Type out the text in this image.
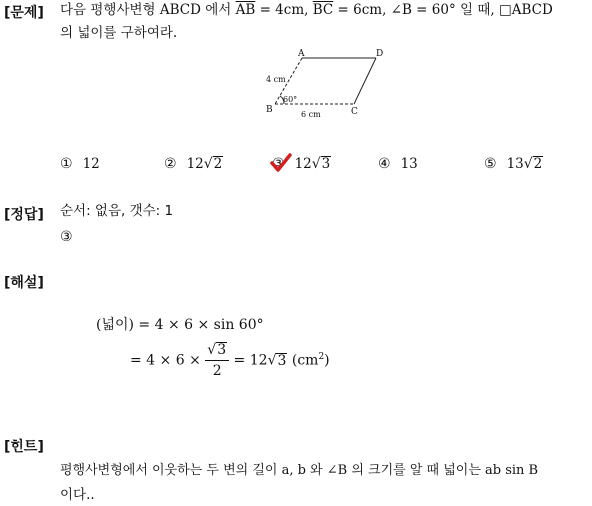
[문제] 다음 평행사변형 ABCD 에서 $\overline{AB} = 4cm$, $\overline{BC} = 6cm$, ∠B = 60° 일 때, □ABCD
의 넓이를 구하여라.
A	D
B	C
4 cm
6 cm
60°
① 12	② 12√2	③ 12√3	④ 13	⑤ 13√2
[정답] 순서: 없음, 갯수: 1
③
[해설]
(넓이) = 4 × 6 × sin 60°
= $4 \times 6 \times \frac{√3}{2} = 12√3$ $(cm^2)$
[힌트]
평행사변형에서 이웃하는 두 변의 길이 a, b 와 ∠B 의 크기를 알 때 넓이는 ab sin B
이다..
